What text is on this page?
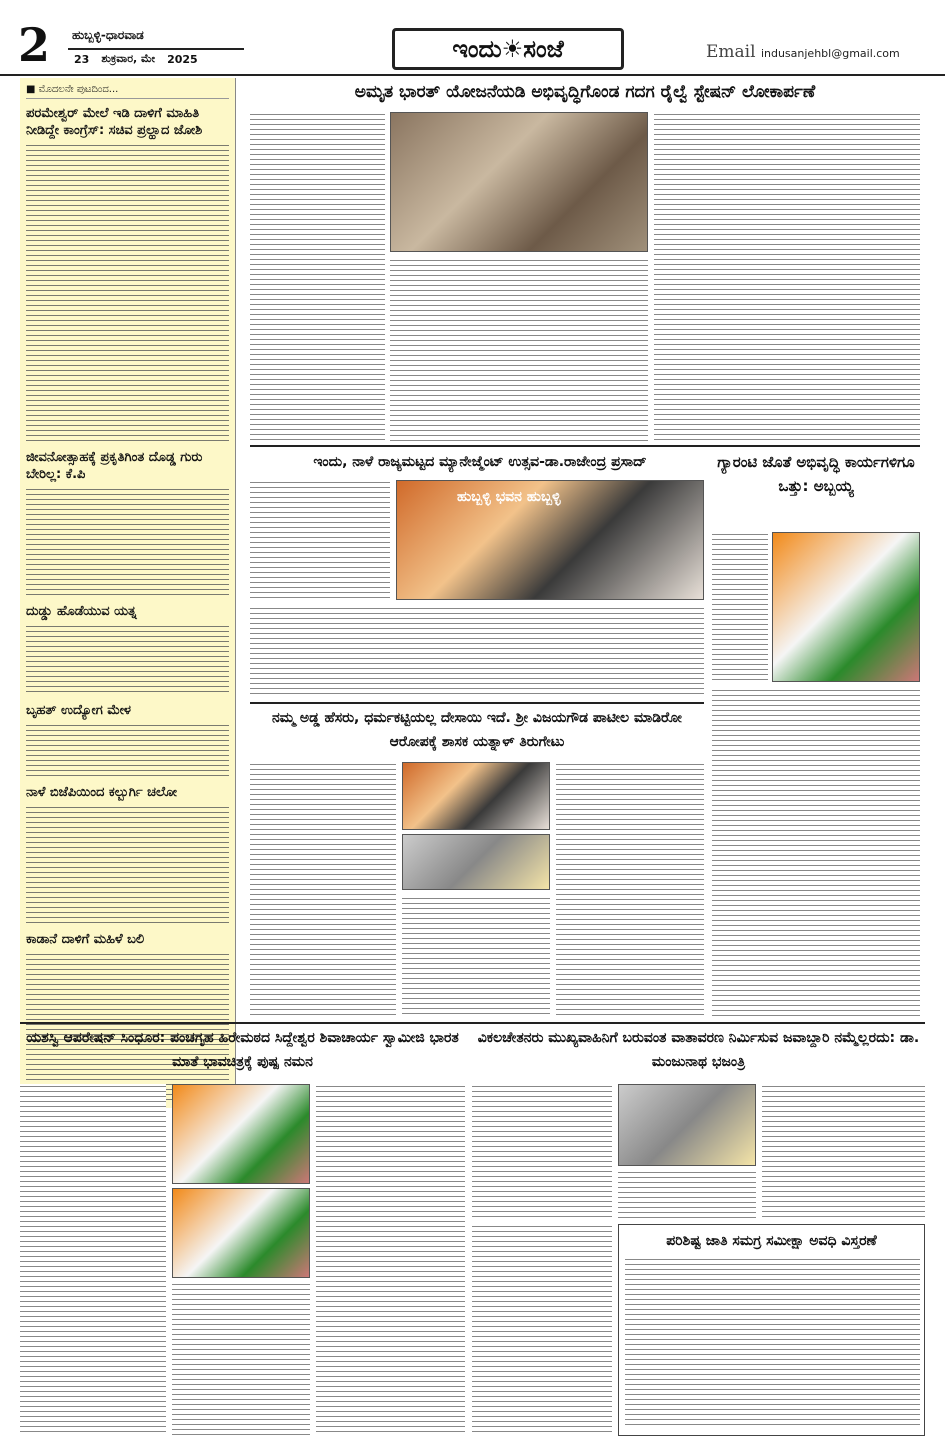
2 ಹುಬ್ಬಳ್ಳಿ-ಧಾರವಾಡ
23	ಶುಕ್ರವಾರ, ಮೇ	2025	ಇಂದು☀ಸಂಜೆ	Email indusanjehbl@gmail.com
■ ಮೊದಲನೇ ಪುಟದಿಂದ...
ಪರಮೇಶ್ವರ್ ಮೇಲೆ ಇಡಿ ದಾಳಿಗೆ ಮಾಹಿತಿ ನೀಡಿದ್ದೇ ಕಾಂಗ್ರೆಸ್: ಸಚಿವ ಪ್ರಲ್ಹಾದ ಜೋಶಿ
ಜೀವನೋತ್ಸಾಹಕ್ಕೆ ಪ್ರಕೃತಿಗಿಂತ ದೊಡ್ಡ ಗುರು ಬೇರಿಲ್ಲ: ಕೆ.ಪಿ
ದುಡ್ಡು ಹೊಡೆಯುವ ಯತ್ನ
ಬೃಹತ್ ಉದ್ಯೋಗ ಮೇಳ
ನಾಳೆ ಬಿಜೆಪಿಯಿಂದ ಕಲ್ಬುರ್ಗಿ ಚಲೋ
ಕಾಡಾನೆ ದಾಳಿಗೆ ಮಹಿಳೆ ಬಲಿ
ಅಮೃತ ಭಾರತ್ ಯೋಜನೆಯಡಿ ಅಭಿವೃದ್ಧಿಗೊಂಡ ಗದಗ ರೈಲ್ವೆ ಸ್ಟೇಷನ್ ಲೋಕಾರ್ಪಣೆ
ಇಂದು, ನಾಳೆ ರಾಜ್ಯಮಟ್ಟದ ಮ್ಯಾನೇಜ್ಮೆಂಟ್ ಉತ್ಸವ-ಡಾ.ರಾಜೇಂದ್ರ ಪ್ರಸಾದ್
ಹುಬ್ಬಳ್ಳಿ ಭವನ ಹುಬ್ಬಳ್ಳಿ
ಗ್ಯಾರಂಟಿ ಜೊತೆ ಅಭಿವೃದ್ಧಿ ಕಾರ್ಯಗಳಿಗೂ ಒತ್ತು: ಅಬ್ಬಯ್ಯ
ನಮ್ಮ ಅಡ್ಡ ಹೆಸರು, ಧರ್ಮಕಟ್ಟಿಯಲ್ಲ ದೇಸಾಯಿ ಇದೆ. ಶ್ರೀ ವಿಜಯಗೌಡ ಪಾಟೀಲ ಮಾಡಿರೋ ಆರೋಪಕ್ಕೆ ಶಾಸಕ ಯತ್ನಾಳ್ ತಿರುಗೇಟು
ಯಶಸ್ವಿ ಆಪರೇಷನ್ ಸಿಂಧೂರ: ಪಂಚಗೃಹ ಹಿರೇಮಠದ ಸಿದ್ದೇಶ್ವರ ಶಿವಾಚಾರ್ಯ ಸ್ವಾಮೀಜಿ ಭಾರತ ಮಾತೆ ಭಾವಚಿತ್ರಕ್ಕೆ ಪುಷ್ಪ ನಮನ
ವಿಕಲಚೇತನರು ಮುಖ್ಯವಾಹಿನಿಗೆ ಬರುವಂತ ವಾತಾವರಣ ನಿರ್ಮಿಸುವ ಜವಾಬ್ದಾರಿ ನಮ್ಮೆಲ್ಲರದು: ಡಾ. ಮಂಜುನಾಥ ಭಜಂತ್ರಿ
ಪರಿಶಿಷ್ಟ ಜಾತಿ ಸಮಗ್ರ ಸಮೀಕ್ಷಾ ಅವಧಿ ವಿಸ್ತರಣೆ
